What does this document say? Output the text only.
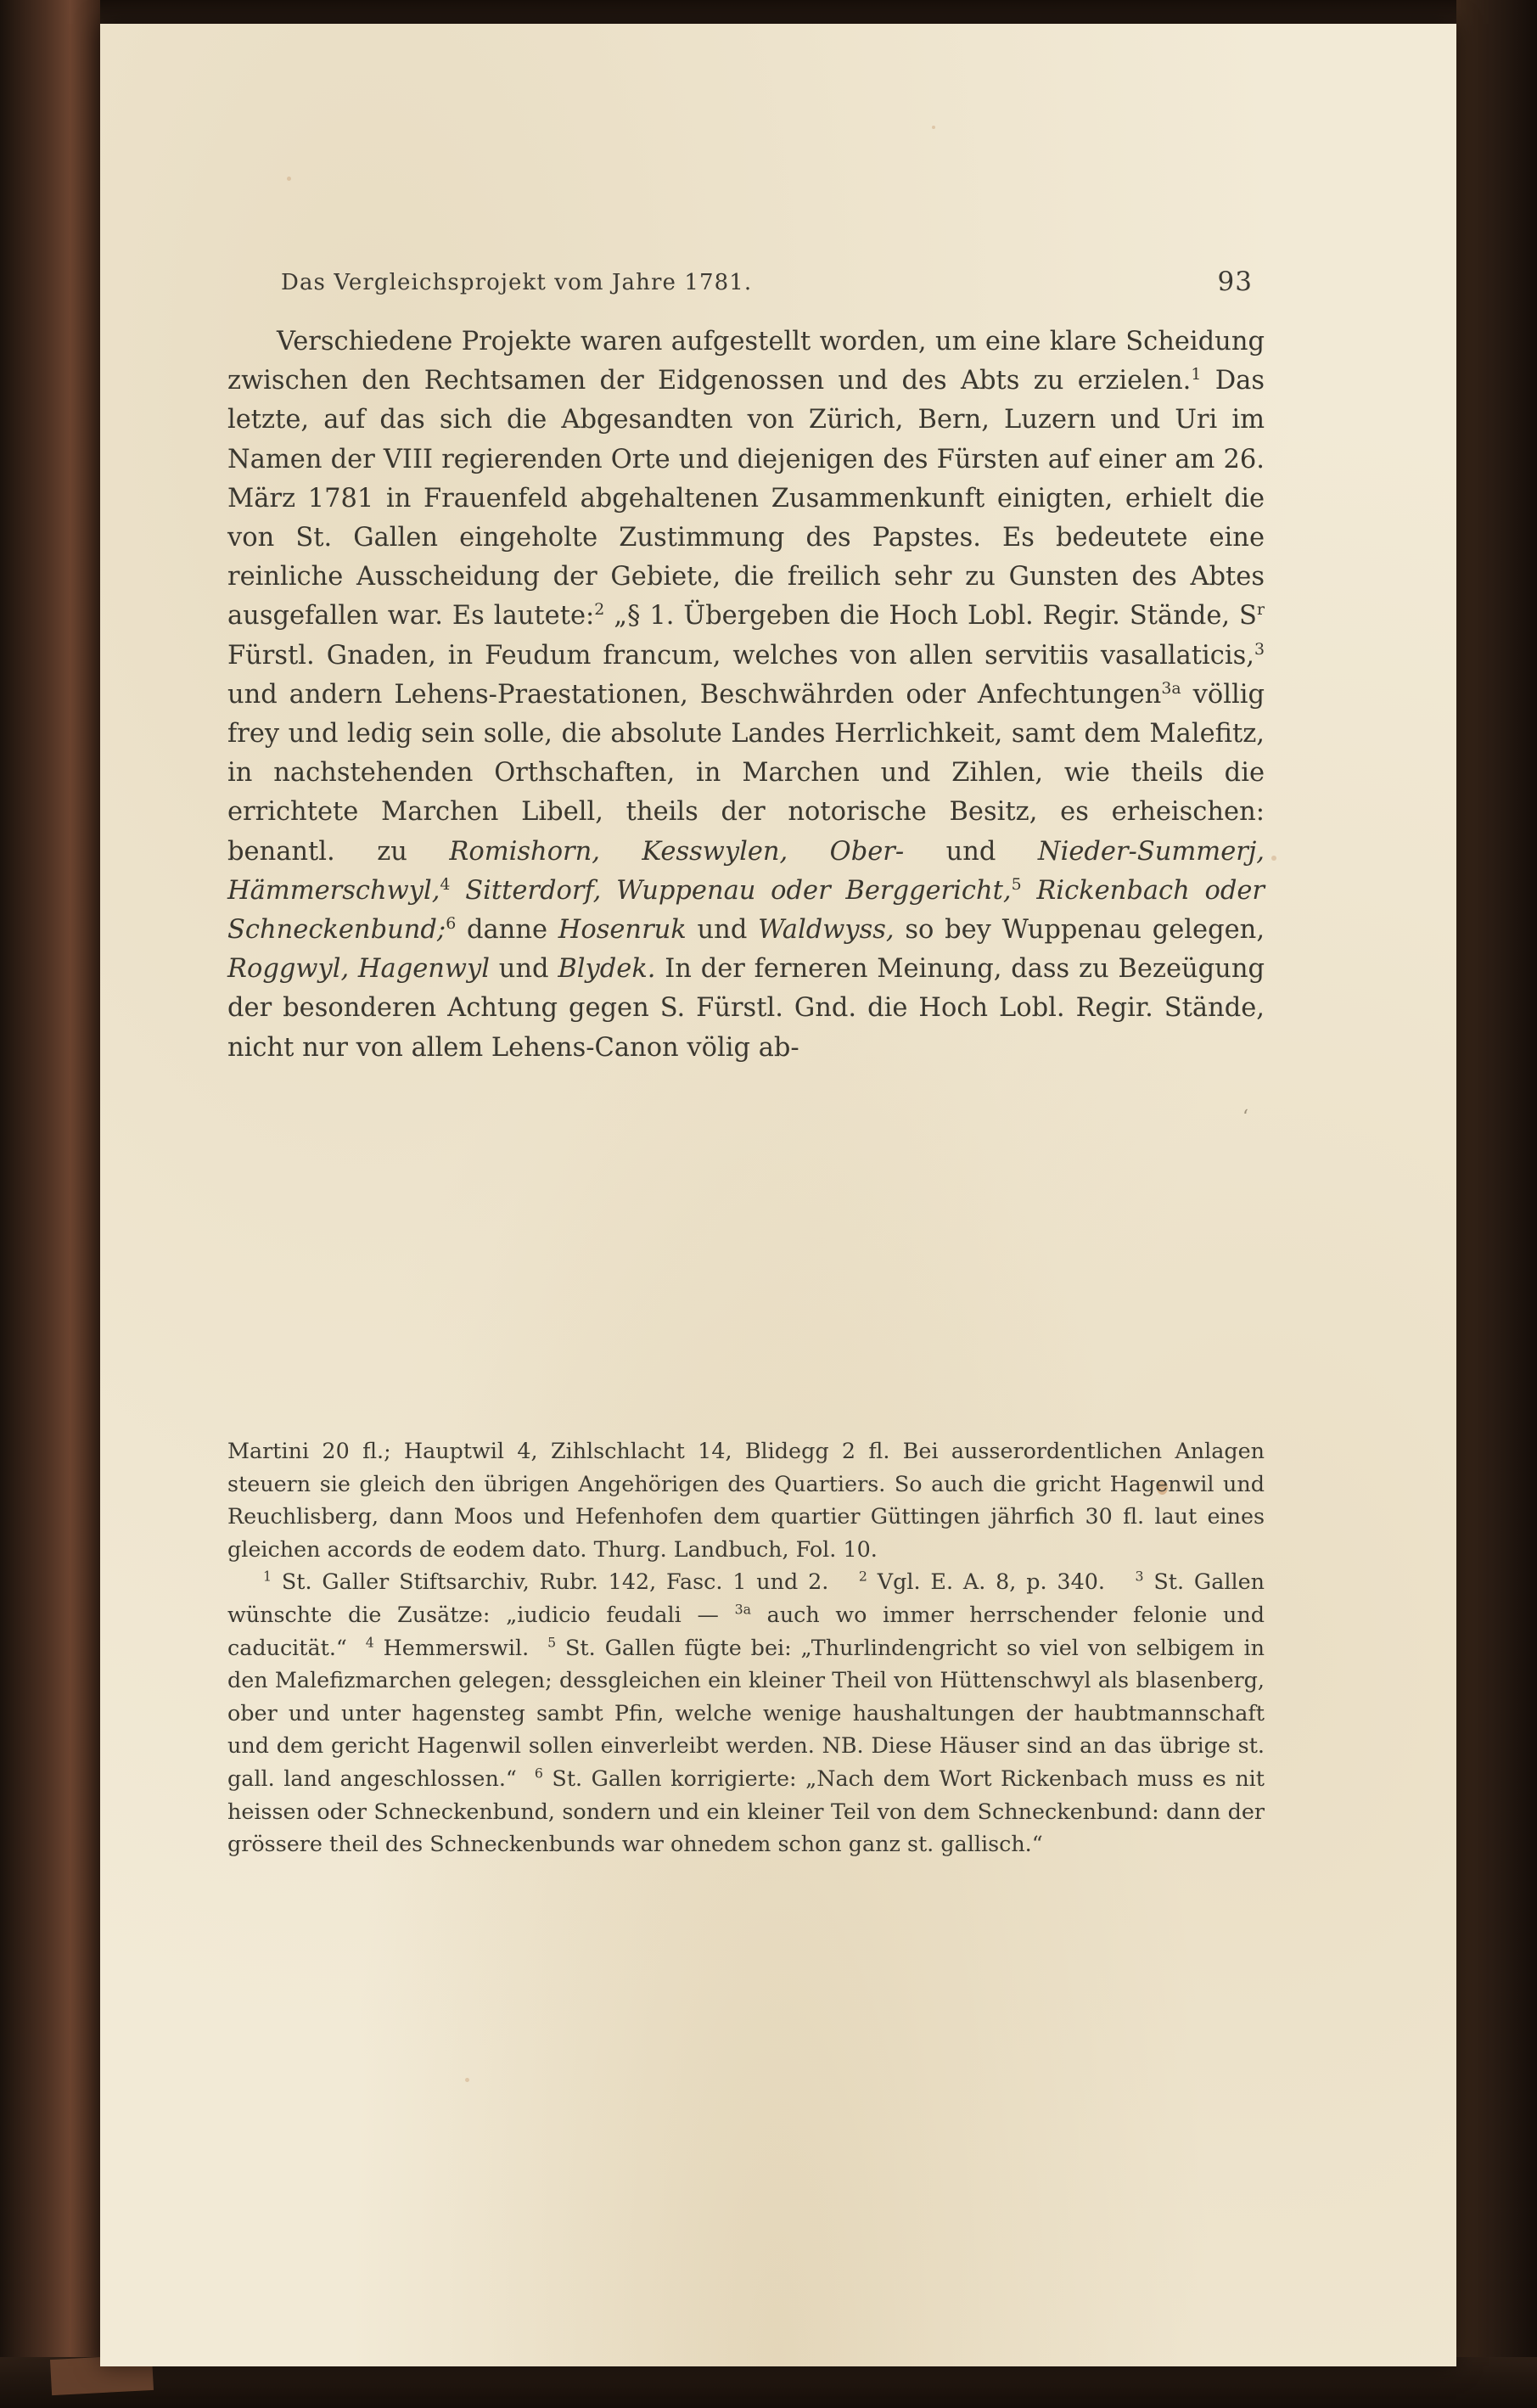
Das Vergleichsprojekt vom Jahre 1781.	93

Verschiedene Projekte waren aufgestellt worden, um eine klare Scheidung zwischen den Rechtsamen der Eidgenossen und des Abts zu erzielen.$^1$ Das letzte, auf das sich die Abgesandten von Zürich, Bern, Luzern und Uri im Namen der VIII regierenden Orte und diejenigen des Fürsten auf einer am 26. März 1781 in Frauenfeld abgehaltenen Zusammenkunft einigten, erhielt die von St. Gallen eingeholte Zustimmung des Papstes. Es bedeutete eine reinliche Ausscheidung der Gebiete, die freilich sehr zu Gunsten des Abtes ausgefallen war. Es lautete:$^2$ „§ 1. Übergeben die Hoch Lobl. Regir. Stände, $S^r$ Fürstl. Gnaden, in Feudum francum, welches von allen servitiis vasallaticis,$^3$ und andern Lehens-Praestationen, Beschwährden oder Anfechtungen$^{3a}$ völlig frey und ledig sein solle, die absolute Landes Herrlichkeit, samt dem Malefitz, in nachstehenden Orthschaften, in Marchen und Zihlen, wie theils die errichtete Marchen Libell, theils der notorische Besitz, es erheischen: benantl. zu Romishorn, Kesswylen, Ober- und Nieder-Summerj, Hämmerschwyl,$^4$ Sitterdorf, Wuppenau oder Berggericht,$^5$ Rickenbach oder Schneckenbund;$^6$ danne Hosenruk und Waldwyss, so bey Wuppenau gelegen, Roggwyl, Hagenwyl und Blydek. In der ferneren Meinung, dass zu Bezeügung der besonderen Achtung gegen S. Fürstl. Gnd. die Hoch Lobl. Regir. Stände, nicht nur von allem Lehens-Canon völig ab-

‘

Martini 20 fl.; Hauptwil 4, Zihlschlacht 14, Blidegg 2 fl. Bei ausserordentlichen Anlagen steuern sie gleich den übrigen Angehörigen des Quartiers. So auch die gricht Hagenwil und Reuchlisberg, dann Moos und Hefenhofen dem quartier Güttingen jährfich 30 fl. laut eines gleichen accords de eodem dato. Thurg. Landbuch, Fol. 10.

$^1$ St. Galler Stiftsarchiv, Rubr. 142, Fasc. 1 und 2.   $^2$ Vgl. E. A. 8, p. 340.   $^3$ St. Gallen wünschte die Zusätze: „iudicio feudali — $^{3a}$ auch wo immer herrschender felonie und caducität.“  $^4$ Hemmerswil.  $^5$ St. Gallen fügte bei: „Thurlindengricht so viel von selbigem in den Malefizmarchen gelegen; dessgleichen ein kleiner Theil von Hüttenschwyl als blasenberg, ober und unter hagensteg sambt Pfin, welche wenige haushaltungen der haubtmannschaft und dem gericht Hagenwil sollen einverleibt werden. NB. Diese Häuser sind an das übrige st. gall. land angeschlossen.“  $^6$ St. Gallen korrigierte: „Nach dem Wort Rickenbach muss es nit heissen oder Schneckenbund, sondern und ein kleiner Teil von dem Schneckenbund: dann der grössere theil des Schneckenbunds war ohnedem schon ganz st. gallisch.“
